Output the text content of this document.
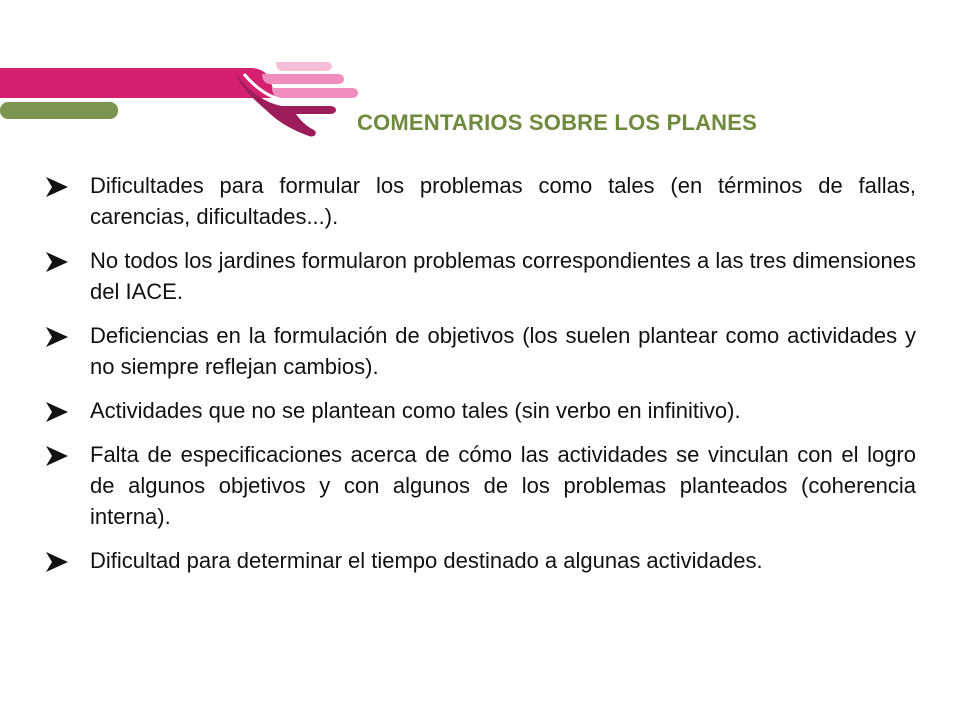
COMENTARIOS SOBRE LOS PLANES
Dificultades para formular los problemas como tales (en términos de fallas, carencias, dificultades...).
No todos los jardines formularon problemas correspondientes a las tres dimensiones del IACE.
Deficiencias en la formulación de objetivos (los suelen plantear como actividades y no siempre reflejan cambios).
Actividades que no se plantean como tales (sin verbo en infinitivo).
Falta de especificaciones acerca de cómo las actividades se vinculan con el logro de algunos objetivos y con algunos de los problemas planteados (coherencia interna).
Dificultad para determinar el tiempo destinado a algunas actividades.
